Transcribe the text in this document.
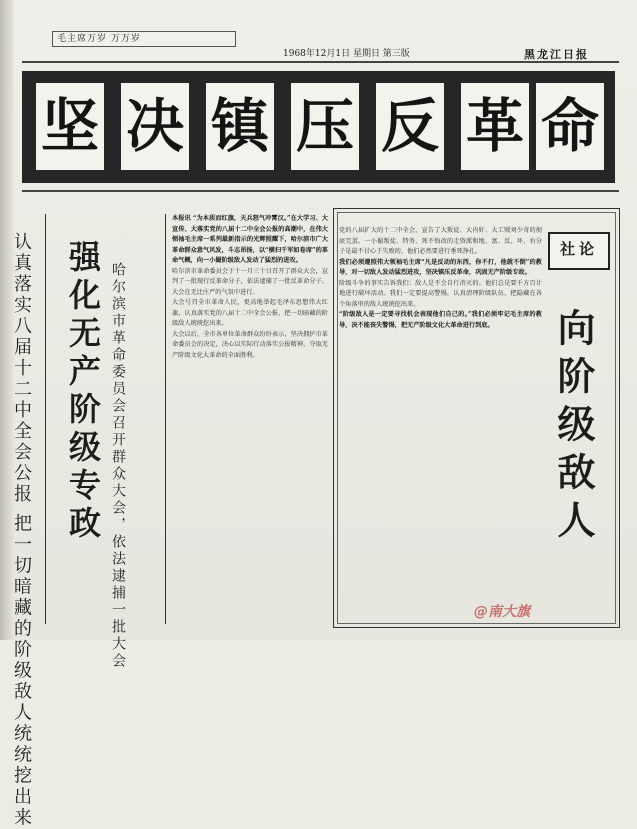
毛主席万岁 万万岁
1968年12月1日 星期日 第三版	黑龙江日报
坚 决 镇 压 反 革 命
认真落实八届十二中全会公报 把一切暗藏的阶级敌人统统挖出来 强化无产阶级专政 哈尔滨市革命委员会召开群众大会，依法逮捕一批大会
本报讯 “为本质而红旗，天兵怒气冲霄汉。”在大学习、大宣传、大落实党的八届十二中全会公报的高潮中，在伟大领袖毛主席一系列最新指示的光辉照耀下，哈尔滨市广大革命群众意气风发，斗志昂扬，以“横扫千军如卷席”的革命气概，向一小撮阶级敌人发动了猛烈的进攻。
哈尔滨市革命委员会于十一月三十日召开了群众大会，宣判了一批现行反革命分子，依法逮捕了一批反革命分子。大会在无比庄严的气氛中进行。
大会号召全市革命人民，更高地举起毛泽东思想伟大红旗，认真落实党的八届十二中全会公报，把一切暗藏的阶级敌人统统挖出来。
大会以后，全市各单位革命群众纷纷表示，坚决拥护市革命委员会的决定，决心以实际行动落实公报精神，夺取无产阶级文化大革命的全面胜利。
党的八届扩大的十二中全会，宣告了大叛徒、大内奸、大工贼刘少奇的彻底完蛋。一小撮叛徒、特务、死不悔改的走资派和地、富、反、坏、右分子是最不甘心于失败的，他们必然要进行垂死挣扎。
我们必须遵照伟大领袖毛主席“凡是反动的东西，你不打，他就不倒”的教导，对一切敌人发动猛烈进攻，坚决镇压反革命，巩固无产阶级专政。
阶级斗争的事实告诉我们：敌人是不会自行消灭的。他们总是要千方百计地进行破坏活动。我们一定要提高警惕，认真清理阶级队伍，把隐藏在各个角落里的敌人统统挖出来。
“阶级敌人是一定要寻找机会表现他们自己的。”我们必须牢记毛主席的教导，决不能丧失警惕，把无产阶级文化大革命进行到底。
社论
向阶级敌人
@南大旗
